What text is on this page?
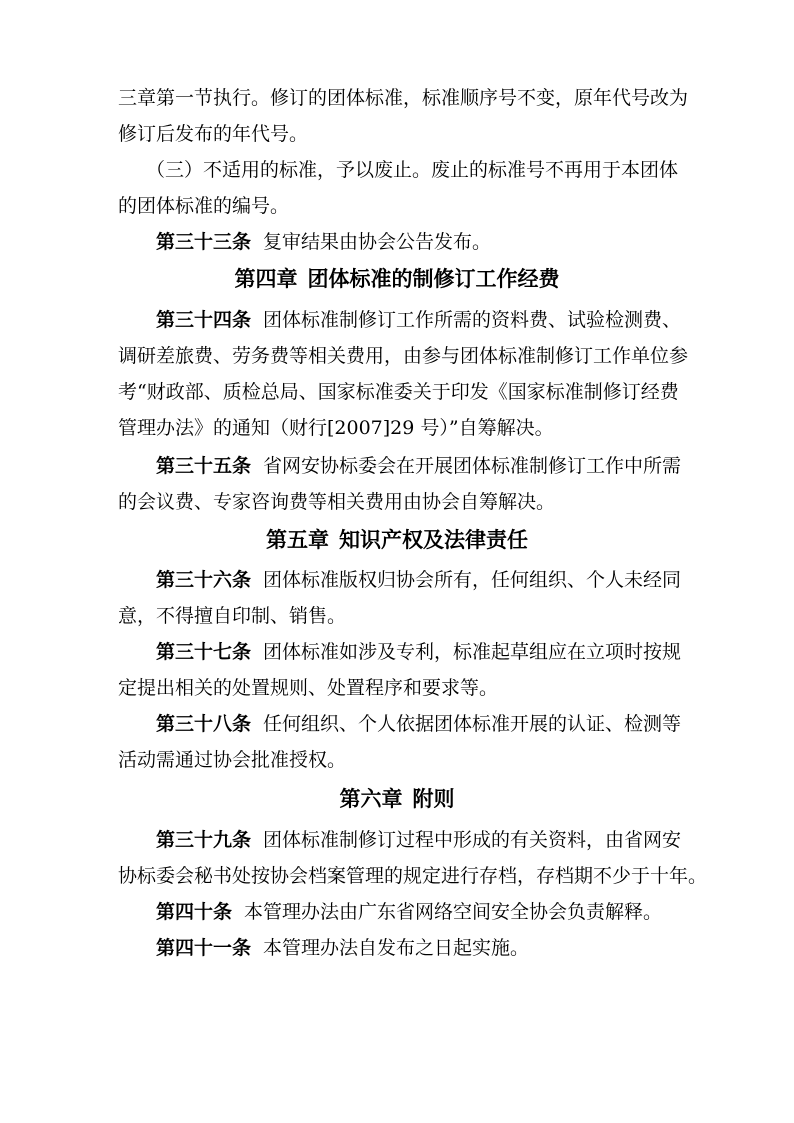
三章第一节执行。修订的团体标准，标准顺序号不变，原年代号改为
修订后发布的年代号。
（三）不适用的标准，予以废止。废止的标准号不再用于本团体
的团体标准的编号。
第三十三条 复审结果由协会公告发布。
第四章 团体标准的制修订工作经费
第三十四条 团体标准制修订工作所需的资料费、试验检测费、
调研差旅费、劳务费等相关费用，由参与团体标准制修订工作单位参
考“财政部、质检总局、国家标准委关于印发《国家标准制修订经费
管理办法》的通知（财行[2007]29 号）”自筹解决。
第三十五条 省网安协标委会在开展团体标准制修订工作中所需
的会议费、专家咨询费等相关费用由协会自筹解决。
第五章 知识产权及法律责任
第三十六条 团体标准版权归协会所有，任何组织、个人未经同
意，不得擅自印制、销售。
第三十七条 团体标准如涉及专利，标准起草组应在立项时按规
定提出相关的处置规则、处置程序和要求等。
第三十八条 任何组织、个人依据团体标准开展的认证、检测等
活动需通过协会批准授权。
第六章 附则
第三十九条 团体标准制修订过程中形成的有关资料，由省网安
协标委会秘书处按协会档案管理的规定进行存档，存档期不少于十年。
第四十条 本管理办法由广东省网络空间安全协会负责解释。
第四十一条 本管理办法自发布之日起实施。
